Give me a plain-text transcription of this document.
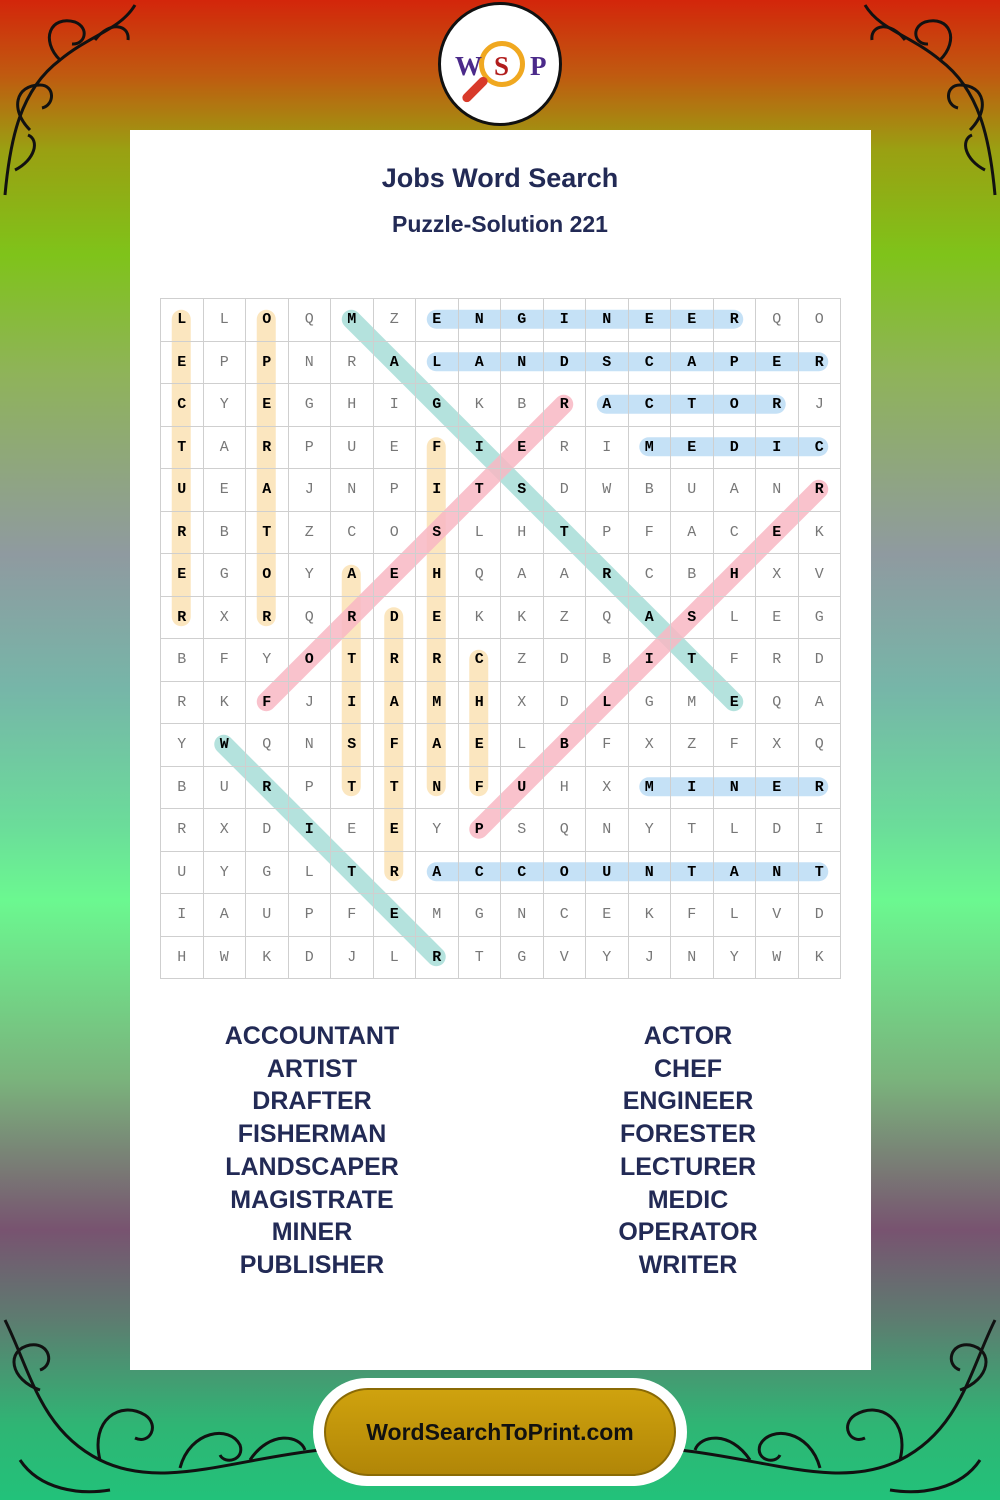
W S P
Jobs Word Search
Puzzle-Solution 221
L	L	O	Q	M	Z	E	N	G	I	N	E	E	R	Q	O
E	P	P	N	R	A	L	A	N	D	S	C	A	P	E	R
C	Y	E	G	H	I	G	K	B	R	A	C	T	O	R	J
T	A	R	P	U	E	F	I	E	R	I	M	E	D	I	C
U	E	A	J	N	P	I	T	S	D	W	B	U	A	N	R
R	B	T	Z	C	O	S	L	H	T	P	F	A	C	E	K
E	G	O	Y	A	E	H	Q	A	A	R	C	B	H	X	V
R	X	R	Q	R	D	E	K	K	Z	Q	A	S	L	E	G
B	F	Y	O	T	R	R	C	Z	D	B	I	T	F	R	D
R	K	F	J	I	A	M	H	X	D	L	G	M	E	Q	A
Y	W	Q	N	S	F	A	E	L	B	F	X	Z	F	X	Q
B	U	R	P	T	T	N	F	U	H	X	M	I	N	E	R
R	X	D	I	E	E	Y	P	S	Q	N	Y	T	L	D	I
U	Y	G	L	T	R	A	C	C	O	U	N	T	A	N	T
I	A	U	P	F	E	M	G	N	C	E	K	F	L	V	D
H	W	K	D	J	L	R	T	G	V	Y	J	N	Y	W	K
ACCOUNTANT
ARTIST
DRAFTER
FISHERMAN
LANDSCAPER
MAGISTRATE
MINER
PUBLISHER
ACTOR
CHEF
ENGINEER
FORESTER
LECTURER
MEDIC
OPERATOR
WRITER
WordSearchToPrint.com
